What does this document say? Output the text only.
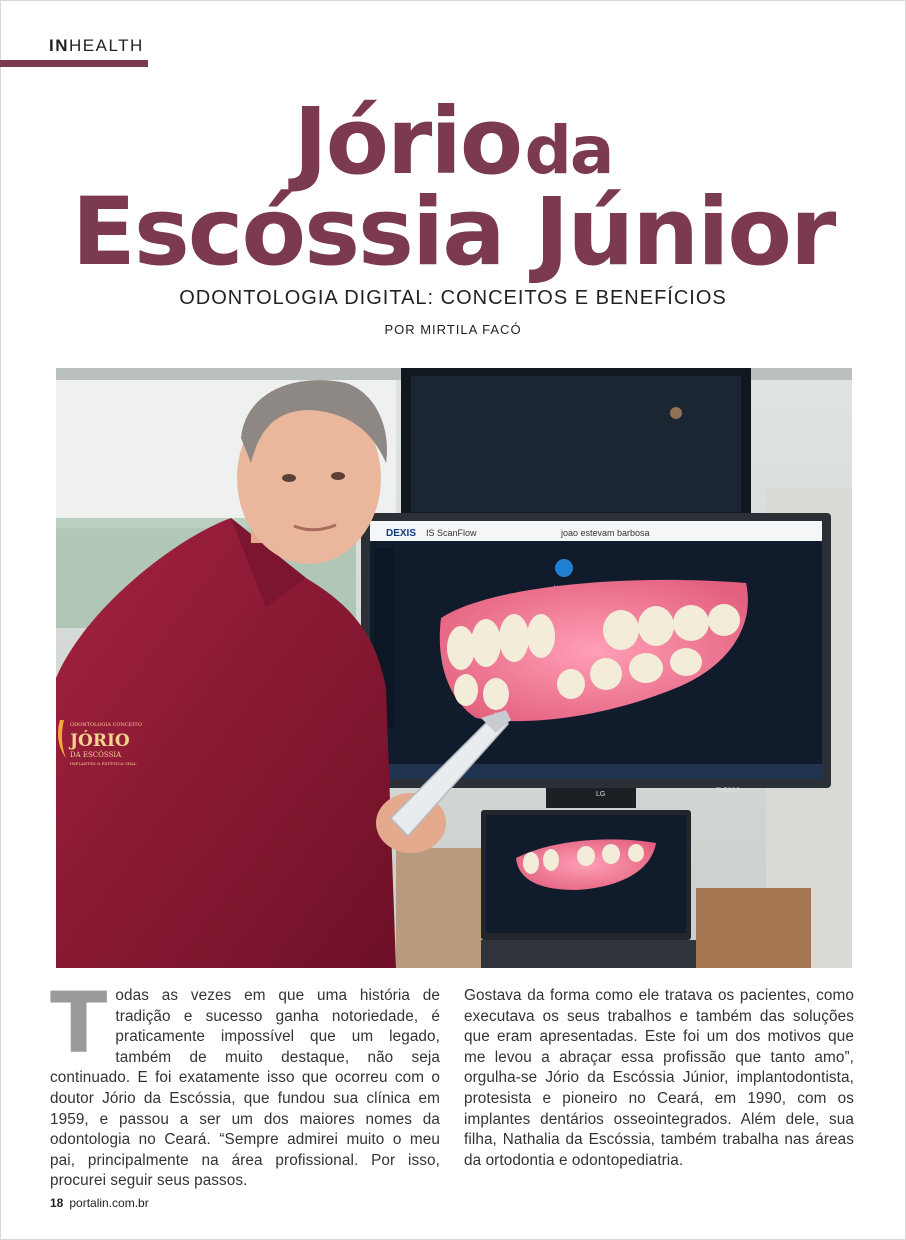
INHEALTH
Jório da
Escóssia Júnior
ODONTOLOGIA DIGITAL: CONCEITOS E BENEFÍCIOS
POR MIRTILA FACÓ
DEXIS IS ScanFlow	joao estevam barbosa
ODONTOLOGIA CONCEITO
JÓRIO
DA ESCÓSSIA
IMPLANTES & ESTÉTICA ORAL
LG	ELESCO
Todas as vezes em que uma história de tradição e sucesso ganha notoriedade, é praticamente impossível que um legado, também de muito destaque, não seja continuado. E foi exatamente isso que ocorreu com o doutor Jório da Escóssia, que fundou sua clínica em 1959, e passou a ser um dos maiores nomes da odontologia no Ceará. “Sempre admirei muito o meu pai, principalmente na área profissional. Por isso, procurei seguir seus passos.
Gostava da forma como ele tratava os pacientes, como executava os seus trabalhos e também das soluções que eram apresentadas. Este foi um dos motivos que me levou a abraçar essa profissão que tanto amo”, orgulha-se Jório da Escóssia Júnior, implantodontista, protesista e pioneiro no Ceará, em 1990, com os implantes dentários osseointegrados. Além dele, sua filha, Nathalia da Escóssia, também trabalha nas áreas da ortodontia e odontopediatria.
18 portalin.com.br
